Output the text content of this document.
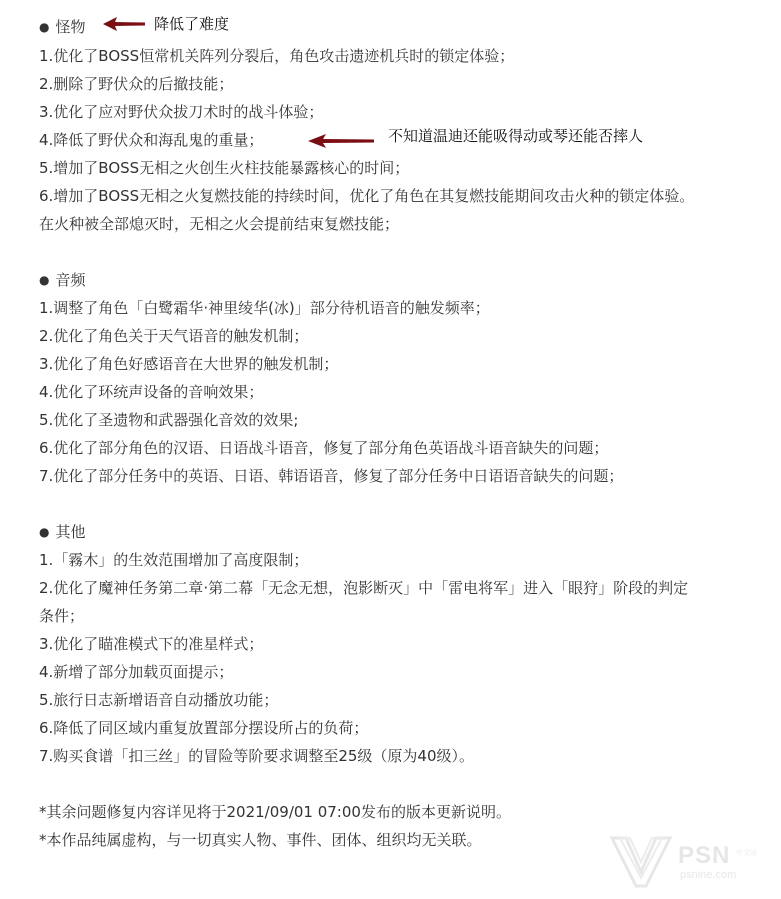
● 怪物
1.优化了BOSS恒常机关阵列分裂后，角色攻击遗迹机兵时的锁定体验；
2.删除了野伏众的后撤技能；
3.优化了应对野伏众拔刀术时的战斗体验；
4.降低了野伏众和海乱鬼的重量；
5.增加了BOSS无相之火创生火柱技能暴露核心的时间；
6.增加了BOSS无相之火复燃技能的持续时间，优化了角色在其复燃技能期间攻击火种的锁定体验。
在火种被全部熄灭时，无相之火会提前结束复燃技能；
降低了难度
不知道温迪还能吸得动或琴还能否摔人
● 音频
1.调整了角色「白鹭霜华·神里绫华(冰)」部分待机语音的触发频率；
2.优化了角色关于天气语音的触发机制；
3.优化了角色好感语音在大世界的触发机制；
4.优化了环统声设备的音响效果；
5.优化了圣遗物和武器强化音效的效果;
6.优化了部分角色的汉语、日语战斗语音，修复了部分角色英语战斗语音缺失的问题；
7.优化了部分任务中的英语、日语、韩语语音，修复了部分任务中日语语音缺失的问题；
● 其他
1.「霧木」的生效范围增加了高度限制；
2.优化了魔神任务第二章·第二幕「无念无想，泡影断灭」中「雷电将军」进入「眼狩」阶段的判定
条件；
3.优化了瞄准模式下的准星样式；
4.新增了部分加载页面提示；
5.旅行日志新增语音自动播放功能；
6.降低了同区域内重复放置部分摆设所占的负荷；
7.购买食谱「扣三丝」的冒险等阶要求调整至25级（原为40级）。
*其余问题修复内容详见将于2021/09/01 07:00发布的版本更新说明。
*本作品纯属虚构，与一切真实人物、事件、团体、组织均无关联。
PSN 中文站
psnine.com
